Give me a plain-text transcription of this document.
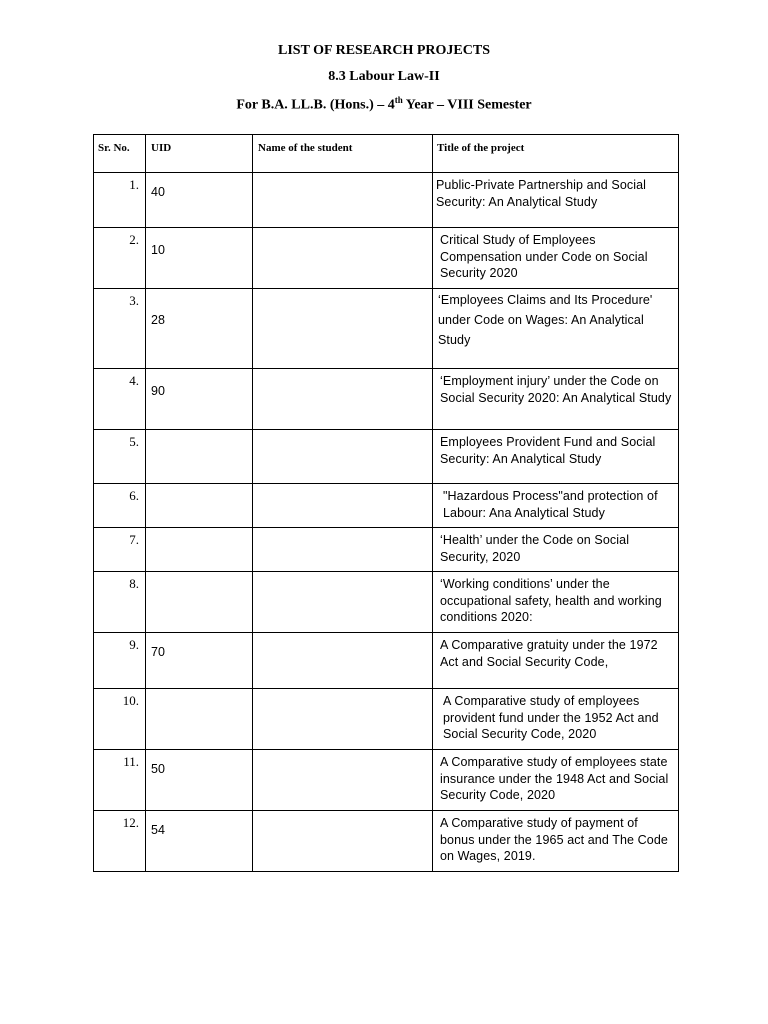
LIST OF RESEARCH PROJECTS
8.3 Labour Law-II
For B.A. LL.B. (Hons.) – 4th Year – VIII Semester
Sr. No.	UID	Name of the student	Title of the project

1.	40		Public-Private Partnership and Social Security: An Analytical Study

2.	10		Critical Study of Employees Compensation under Code on Social Security 2020

3.	28		‘Employees Claims and Its Procedure' under Code on Wages: An Analytical Study

4.	90		‘Employment injury’ under the Code on Social Security 2020: An Analytical Study

5.			Employees Provident Fund and Social Security: An Analytical Study

6.			"Hazardous Process"and protection of Labour: Ana Analytical Study

7.			‘Health’ under the Code on Social Security, 2020

8.			‘Working conditions’ under the occupational safety, health and working conditions 2020:

9.	70		A Comparative gratuity under the 1972 Act and Social Security Code,

10.			A Comparative study of employees provident fund under the 1952 Act and Social Security Code, 2020

11.	50		A Comparative study of employees state insurance under the 1948 Act and Social Security Code, 2020

12.	54		A Comparative study of payment of bonus under the 1965 act and The Code on Wages, 2019.
